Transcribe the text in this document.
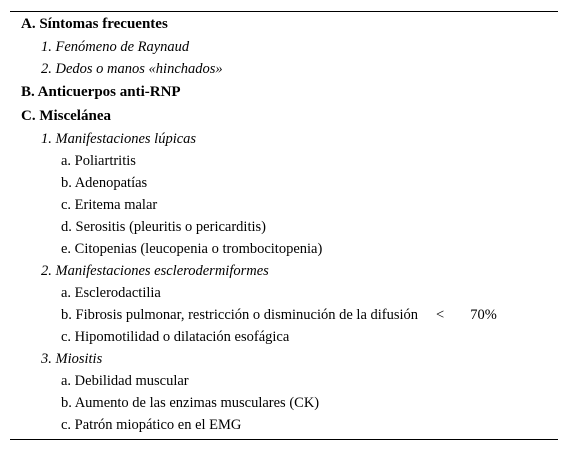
A. Síntomas frecuentes
1. Fenómeno de Raynaud
2. Dedos o manos «hinchados»
B. Anticuerpos anti-RNP
C. Miscelánea
1. Manifestaciones lúpicas
a. Poliartritis
b. Adenopatías
c. Eritema malar
d. Serositis (pleuritis o pericarditis)
e. Citopenias (leucopenia o trombocitopenia)
2. Manifestaciones esclerodermiformes
a. Esclerodactilia
b. Fibrosis pulmonar, restricción o disminución de la difusión < 70%
c. Hipomotilidad o dilatación esofágica
3. Miositis
a. Debilidad muscular
b. Aumento de las enzimas musculares (CK)
c. Patrón miopático en el EMG
